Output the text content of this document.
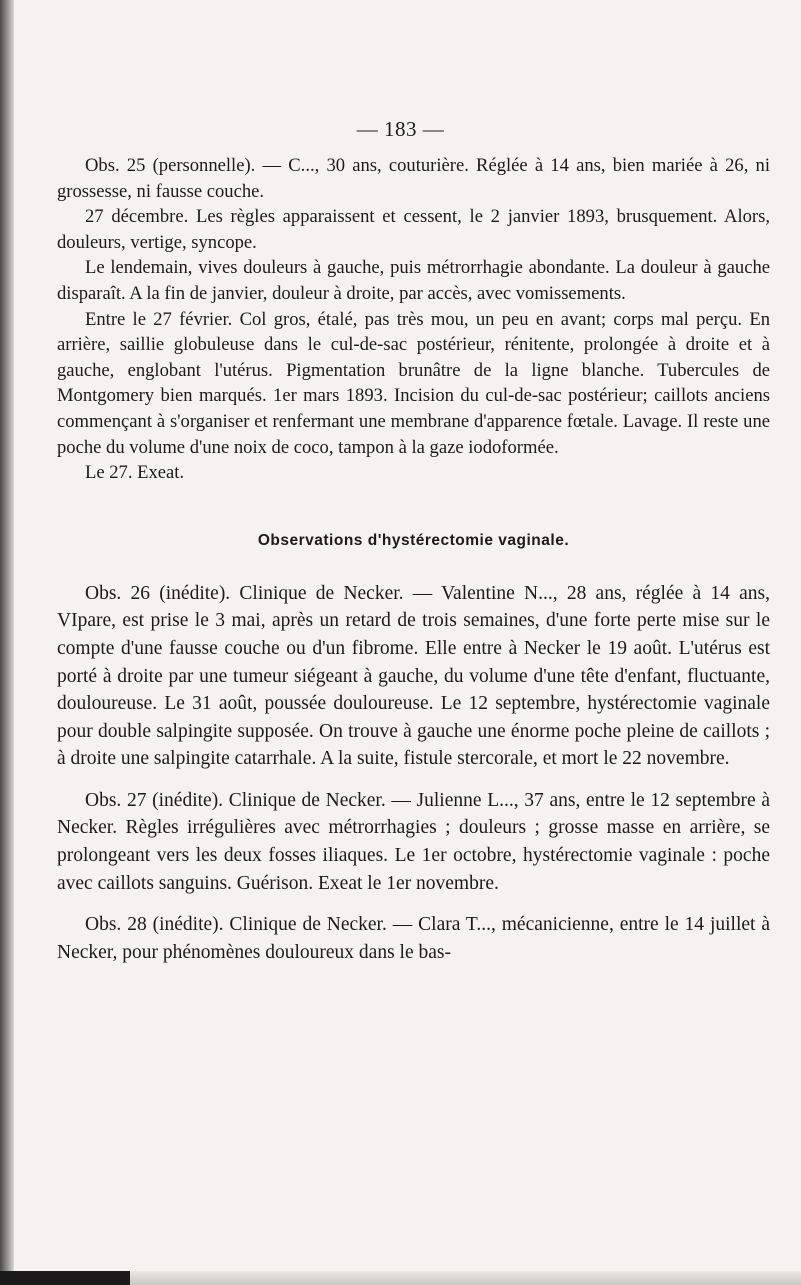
— 183 —

Obs. 25 (personnelle). — C..., 30 ans, couturière. Réglée à 14 ans, bien mariée à 26, ni grossesse, ni fausse couche.

27 décembre. Les règles apparaissent et cessent, le 2 janvier 1893, brusquement. Alors, douleurs, vertige, syncope.

Le lendemain, vives douleurs à gauche, puis métrorrhagie abondante. La douleur à gauche disparaît. A la fin de janvier, douleur à droite, par accès, avec vomissements.

Entre le 27 février. Col gros, étalé, pas très mou, un peu en avant; corps mal perçu. En arrière, saillie globuleuse dans le cul-de-sac postérieur, rénitente, prolongée à droite et à gauche, englobant l'utérus. Pigmentation brunâtre de la ligne blanche. Tubercules de Montgomery bien marqués. 1er mars 1893. Incision du cul-de-sac postérieur; caillots anciens commençant à s'organiser et renfermant une membrane d'apparence fœtale. Lavage. Il reste une poche du volume d'une noix de coco, tampon à la gaze iodoformée.

Le 27. Exeat.

Observations d'hystérectomie vaginale.

Obs. 26 (inédite). Clinique de Necker. — Valentine N..., 28 ans, réglée à 14 ans, VIpare, est prise le 3 mai, après un retard de trois semaines, d'une forte perte mise sur le compte d'une fausse couche ou d'un fibrome. Elle entre à Necker le 19 août. L'utérus est porté à droite par une tumeur siégeant à gauche, du volume d'une tête d'enfant, fluctuante, douloureuse. Le 31 août, poussée douloureuse. Le 12 septembre, hystérectomie vaginale pour double salpingite supposée. On trouve à gauche une énorme poche pleine de caillots ; à droite une salpingite catarrhale. A la suite, fistule stercorale, et mort le 22 novembre.

Obs. 27 (inédite). Clinique de Necker. — Julienne L..., 37 ans, entre le 12 septembre à Necker. Règles irrégulières avec métrorrhagies ; douleurs ; grosse masse en arrière, se prolongeant vers les deux fosses iliaques. Le 1er octobre, hystérectomie vaginale : poche avec caillots sanguins. Guérison. Exeat le 1er novembre.

Obs. 28 (inédite). Clinique de Necker. — Clara T..., mécanicienne, entre le 14 juillet à Necker, pour phénomènes douloureux dans le bas-
